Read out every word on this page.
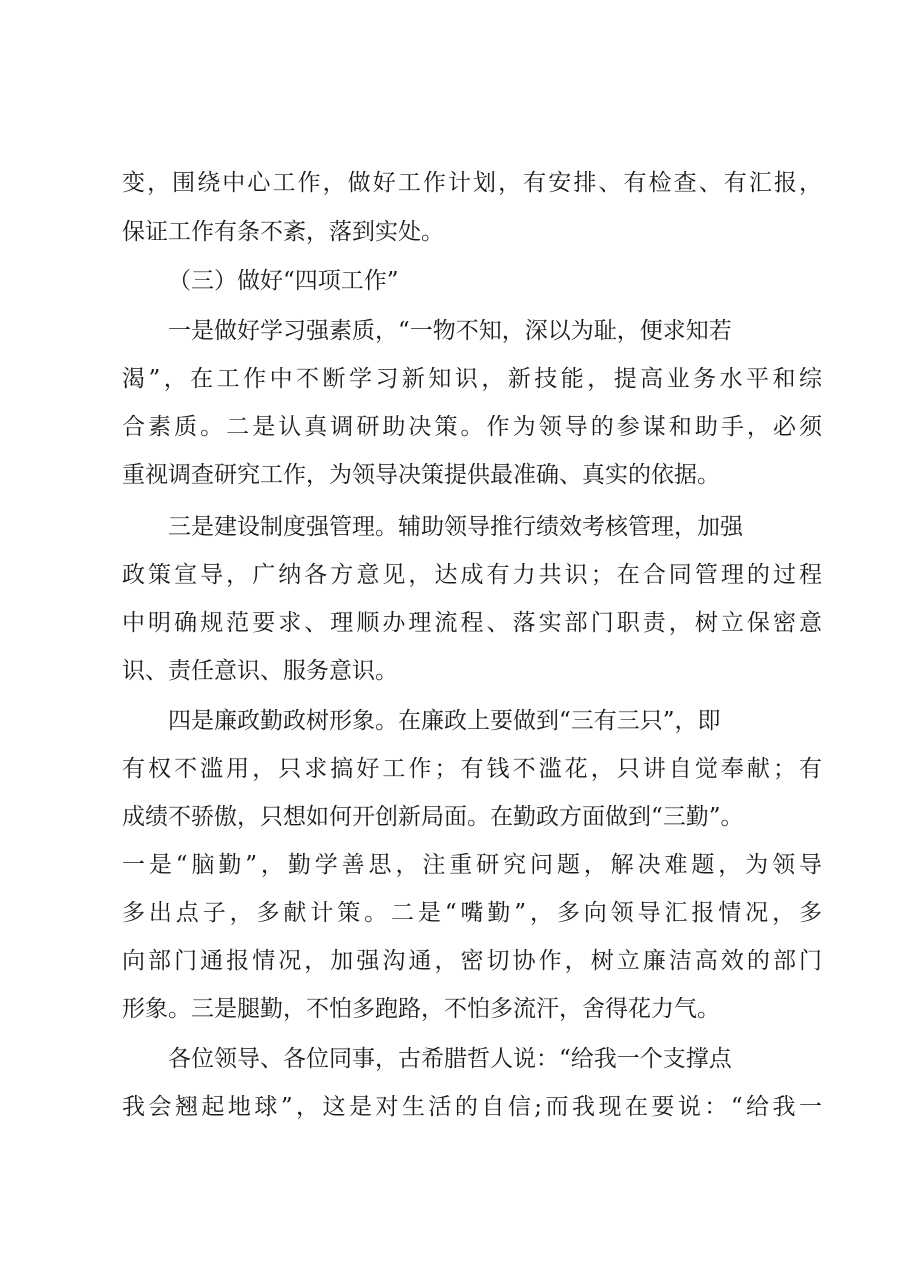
变，围绕中心工作，做好工作计划，有安排、有检查、有汇报，
保证工作有条不紊，落到实处。
（三）做好“四项工作”
一是做好学习强素质，“一物不知，深以为耻，便求知若
渴”，在工作中不断学习新知识，新技能，提高业务水平和综
合素质。二是认真调研助决策。作为领导的参谋和助手，必须
重视调查研究工作，为领导决策提供最准确、真实的依据。
三是建设制度强管理。辅助领导推行绩效考核管理，加强
政策宣导，广纳各方意见，达成有力共识；在合同管理的过程
中明确规范要求、理顺办理流程、落实部门职责，树立保密意
识、责任意识、服务意识。
四是廉政勤政树形象。在廉政上要做到“三有三只”，即
有权不滥用，只求搞好工作；有钱不滥花，只讲自觉奉献；有
成绩不骄傲，只想如何开创新局面。在勤政方面做到“三勤”。
一是“脑勤”，勤学善思，注重研究问题，解决难题，为领导
多出点子，多献计策。二是“嘴勤”，多向领导汇报情况，多
向部门通报情况，加强沟通，密切协作，树立廉洁高效的部门
形象。三是腿勤，不怕多跑路，不怕多流汗，舍得花力气。
各位领导、各位同事，古希腊哲人说：“给我一个支撑点
我会翘起地球”，这是对生活的自信;而我现在要说：“给我一
